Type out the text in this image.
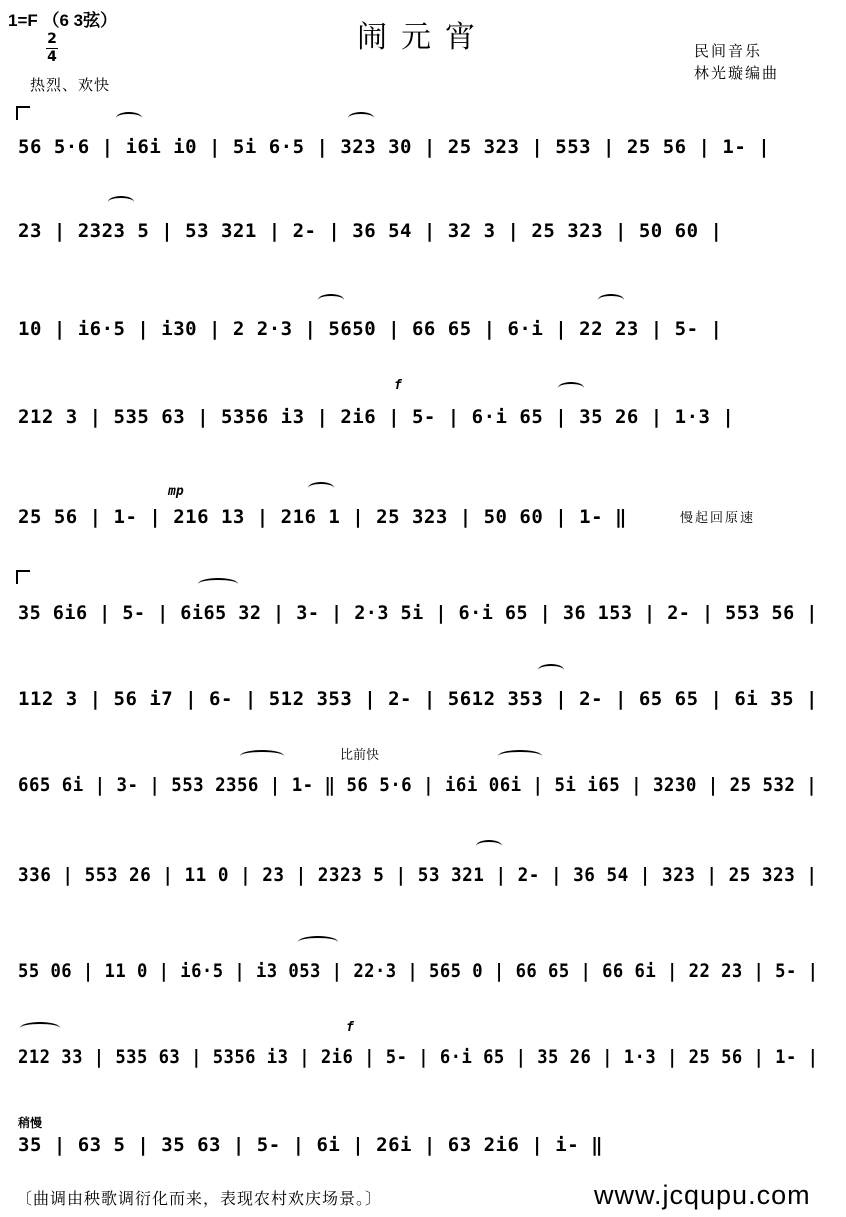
1=F （6 3弦）
2
4
热烈、欢快
闹元宵	民间音乐
林光璇编曲
56 5·6 | i6i i0 | 5i 6·5 | 323 30 | 25 323 | 553 | 25 56 | 1- |
23 | 2323 5 | 53 321 | 2- | 36 54 | 32 3 | 25 323 | 50 60 |
10 | i6·5 | i30 | 2 2·3 | 5650 | 66 65 | 6·i | 22 23 | 5- |
f
212 3 | 535 63 | 5356 i3 | 2i6 | 5- | 6·i 65 | 35 26 | 1·3 |
mp
25 56 | 1- | 216 13 | 216 1 | 25 323 | 50 60 | 1- ‖	慢起回原速
35 6i6 | 5- | 6i65 32 | 3- | 2·3 5i | 6·i 65 | 36 153 | 2- | 553 56 |
112 3 | 56 i7 | 6- | 512 353 | 2- | 5612 353 | 2- | 65 65 | 6i 35 |
比前快
665 6i | 3- | 553 2356 | 1- ‖ 56 5·6 | i6i 06i | 5i i65 | 3230 | 25 532 |
336 | 553 26 | 11 0 | 23 | 2323 5 | 53 321 | 2- | 36 54 | 323 | 25 323 |
55 06 | 11 0 | i6·5 | i3 053 | 22·3 | 565 0 | 66 65 | 66 6i | 22 23 | 5- |
f
212 33 | 535 63 | 5356 i3 | 2i6 | 5- | 6·i 65 | 35 26 | 1·3 | 25 56 | 1- |
稍慢
35 | 63 5 | 35 63 | 5- | 6i | 26i | 63 2i6 | i- ‖
〔曲调由秧歌调衍化而来，表现农村欢庆场景。〕	www.jcqupu.com
